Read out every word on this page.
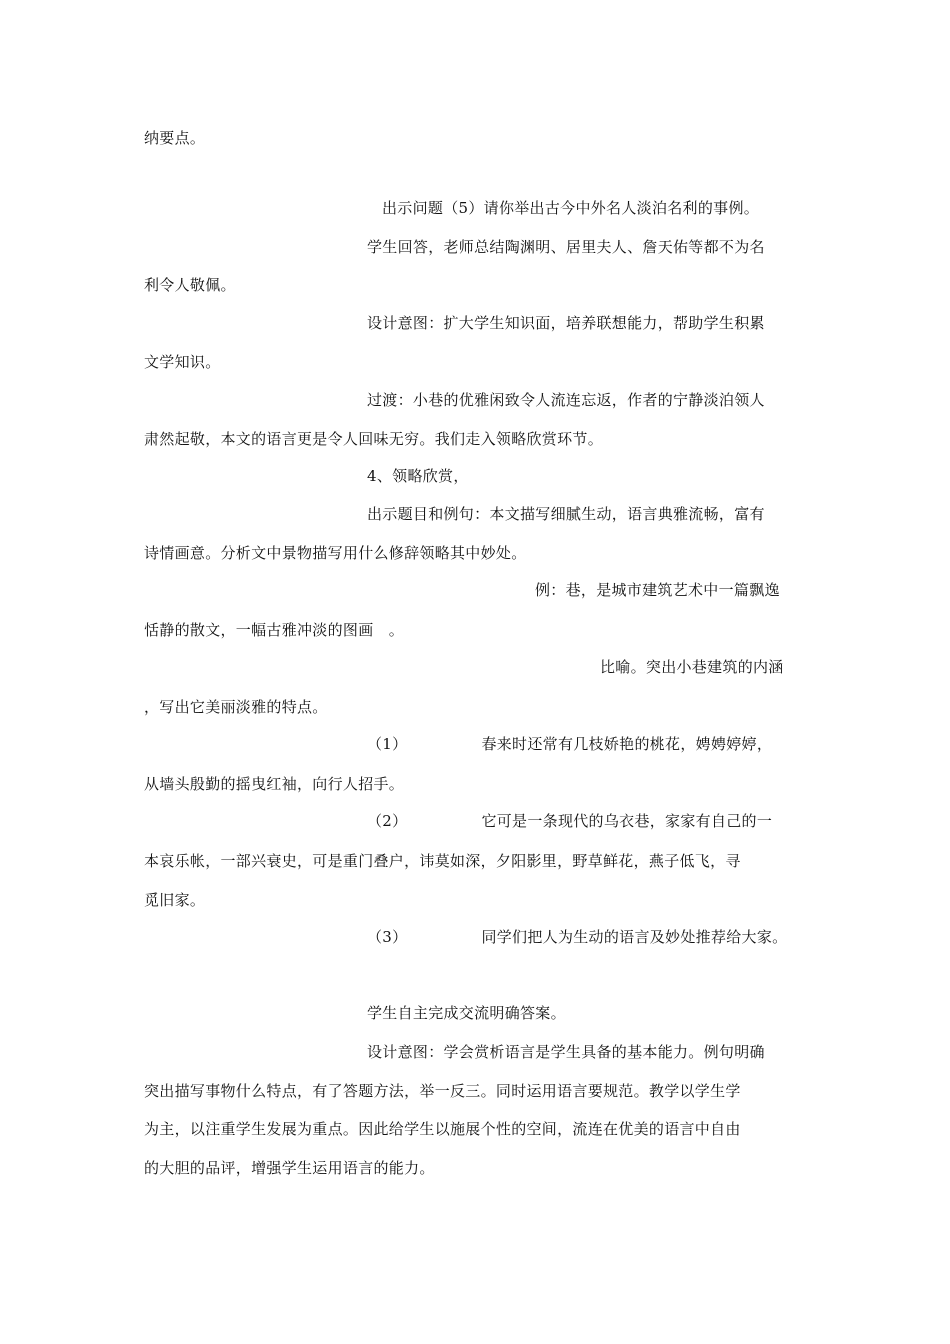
纳要点。
出示问题（5）请你举出古今中外名人淡泊名利的事例。
学生回答，老师总结陶渊明、居里夫人、詹天佑等都不为名
利令人敬佩。
设计意图：扩大学生知识面，培养联想能力，帮助学生积累
文学知识。
过渡：小巷的优雅闲致令人流连忘返，作者的宁静淡泊领人
肃然起敬，本文的语言更是令人回味无穷。我们走入领略欣赏环节。
4、领略欣赏，
出示题目和例句：本文描写细腻生动，语言典雅流畅，富有
诗情画意。分析文中景物描写用什么修辞领略其中妙处。
例：巷，是城市建筑艺术中一篇飘逸
恬静的散文，一幅古雅冲淡的图画　。
比喻。突出小巷建筑的内涵
，写出它美丽淡雅的特点。
（1）	春来时还常有几枝娇艳的桃花，娉娉婷婷，
从墙头殷勤的摇曳红袖，向行人招手。
（2）	它可是一条现代的乌衣巷，家家有自己的一
本哀乐帐，一部兴衰史，可是重门叠户，讳莫如深，夕阳影里，野草鲜花，燕子低飞，寻
觅旧家。
（3）	同学们把人为生动的语言及妙处推荐给大家。
学生自主完成交流明确答案。
设计意图：学会赏析语言是学生具备的基本能力。例句明确
突出描写事物什么特点，有了答题方法，举一反三。同时运用语言要规范。教学以学生学
为主，以注重学生发展为重点。因此给学生以施展个性的空间，流连在优美的语言中自由
的大胆的品评，增强学生运用语言的能力。
